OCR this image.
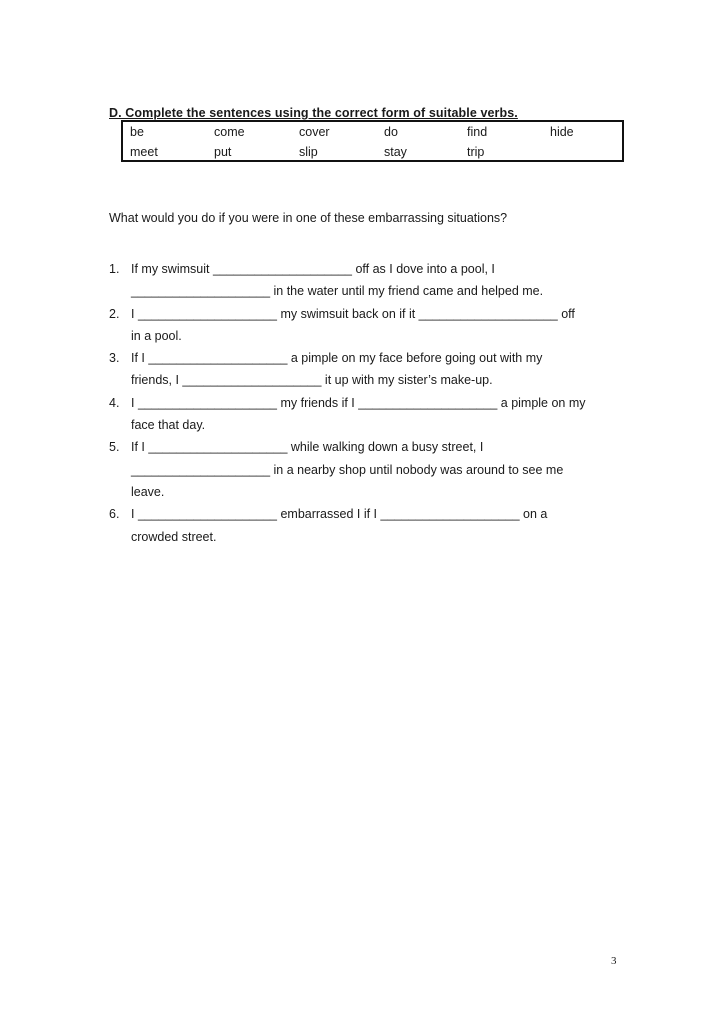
D. Complete the sentences using the correct form of suitable verbs.
be	come	cover	do	find	hide
meet	put	slip	stay	trip
What would you do if you were in one of these embarrassing situations?
1. If my swimsuit ____________________ off as I dove into a pool, I
____________________ in the water until my friend came and helped me.
2. I ____________________ my swimsuit back on if it ____________________ off
in a pool.
3. If I ____________________ a pimple on my face before going out with my
friends, I ____________________ it up with my sister’s make-up.
4. I ____________________ my friends if I ____________________ a pimple on my
face that day.
5. If I ____________________ while walking down a busy street, I
____________________ in a nearby shop until nobody was around to see me
leave.
6. I ____________________ embarrassed I if I ____________________ on a
crowded street.
3
